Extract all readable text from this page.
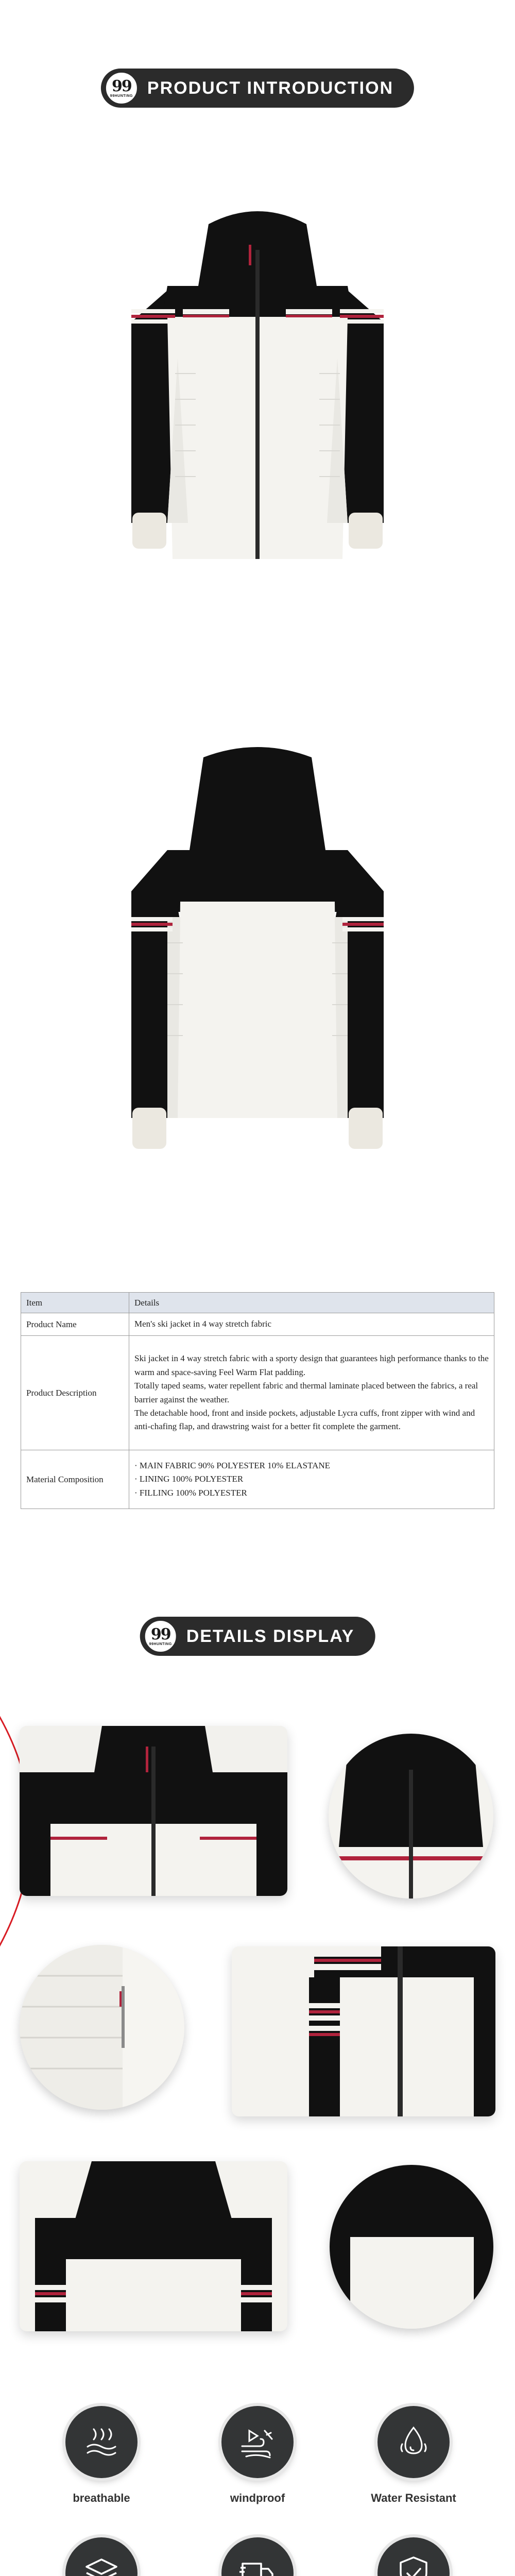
99
99HUNTING PRODUCT INTRODUCTION
Item	Details
Product Name	Men's ski jacket in 4 way stretch fabric

Product Description	Ski jacket in 4 way stretch fabric with a sporty design that guarantees high performance thanks to the warm and space-saving Feel Warm Flat padding.

Totally taped seams, water repellent fabric and thermal laminate placed between the fabrics, a real barrier against the weather.

The detachable hood, front and inside pockets, adjustable Lycra cuffs, front zipper with wind and anti-chafing flap, and drawstring waist for a better fit complete the garment.

Material Composition	· MAIN FABRIC 90% POLYESTER 10% ELASTANE

· LINING 100% POLYESTER

· FILLING 100% POLYESTER

99
99HUNTING DETAILS DISPLAY
breathable	windproof	Water Resistant
